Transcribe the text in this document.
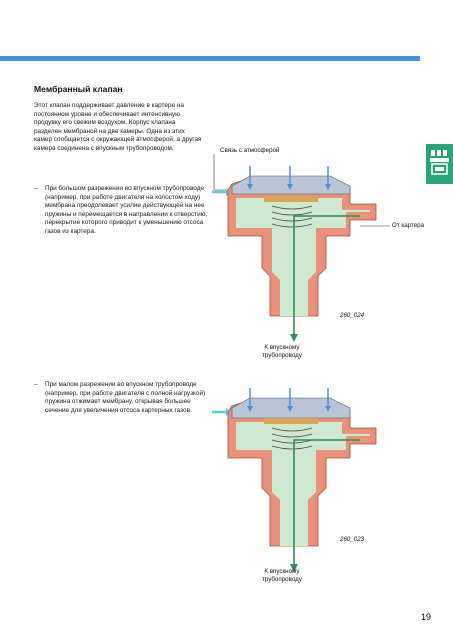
Мембранный клапан

Этот клапан поддерживает давление в картере на постоянном уровне и обеспечивает интенсивную продувку его свежим воздухом. Корпус клапана разделен мембраной на две камеры. Одна из этих камер сообщается с окружающей атмосферой, а другая камера соединена с впускным трубопроводом.

– При большом разрежении во впускном трубопроводе (например, при работе двигателя на холостом ходу) мембрана преодолевает усилие действующей на нее пружины и перемещается в направлении к отверстию, перекрытие которого приводит к уменьшению отсоса газов из картера.
– При малом разрежении во впускном трубопроводе (например, при работе двигателя с полной нагрузкой) пружина отжимает мембрану, открывая большее сечение для увеличения отсоса картерных газов.
Связь с атмосферой
От картера
260_024
К впускному
трубопроводу
260_023
К впускному
трубопроводу
19
